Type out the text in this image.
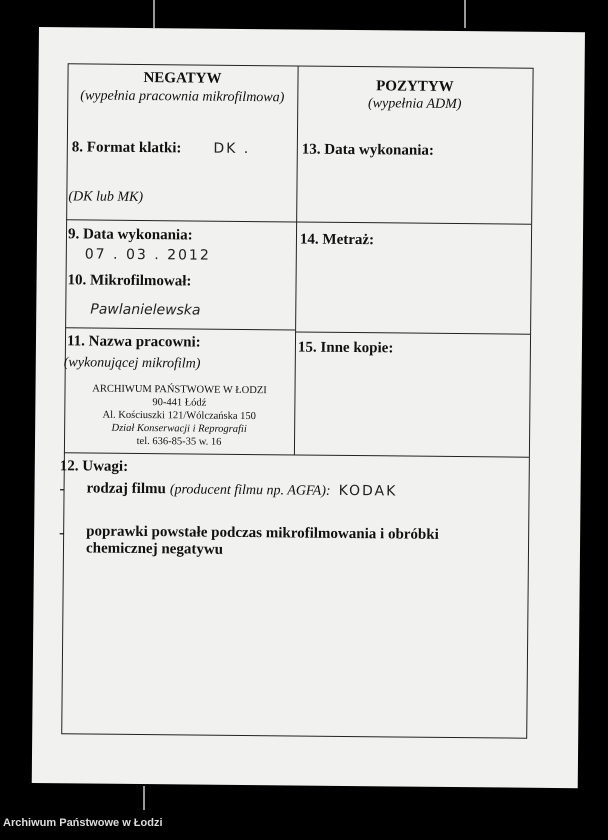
NEGATYW
(wypełnia pracownia mikrofilmowa)
8. Format klatki: DK .
(DK lub MK)
9. Data wykonania:
07 . 03 . 2012
10. Mikrofilmował:
Pawlanielewska
11. Nazwa pracowni:
(wykonującej mikrofilm)
ARCHIWUM PAŃSTWOWE W ŁODZI
90-441 Łódź
Al. Kościuszki 121/Wólczańska 150
Dział Konserwacji i Reprografii
tel. 636-85-35 w. 16
POZYTYW
(wypełnia ADM)
13. Data wykonania:
14. Metraż:
15. Inne kopie:
12. Uwagi:
- rodzaj filmu (producent filmu np. AGFA): KODAK
- poprawki powstałe podczas mikrofilmowania i obróbki chemicznej negatywu
Archiwum Państwowe w Łodzi
